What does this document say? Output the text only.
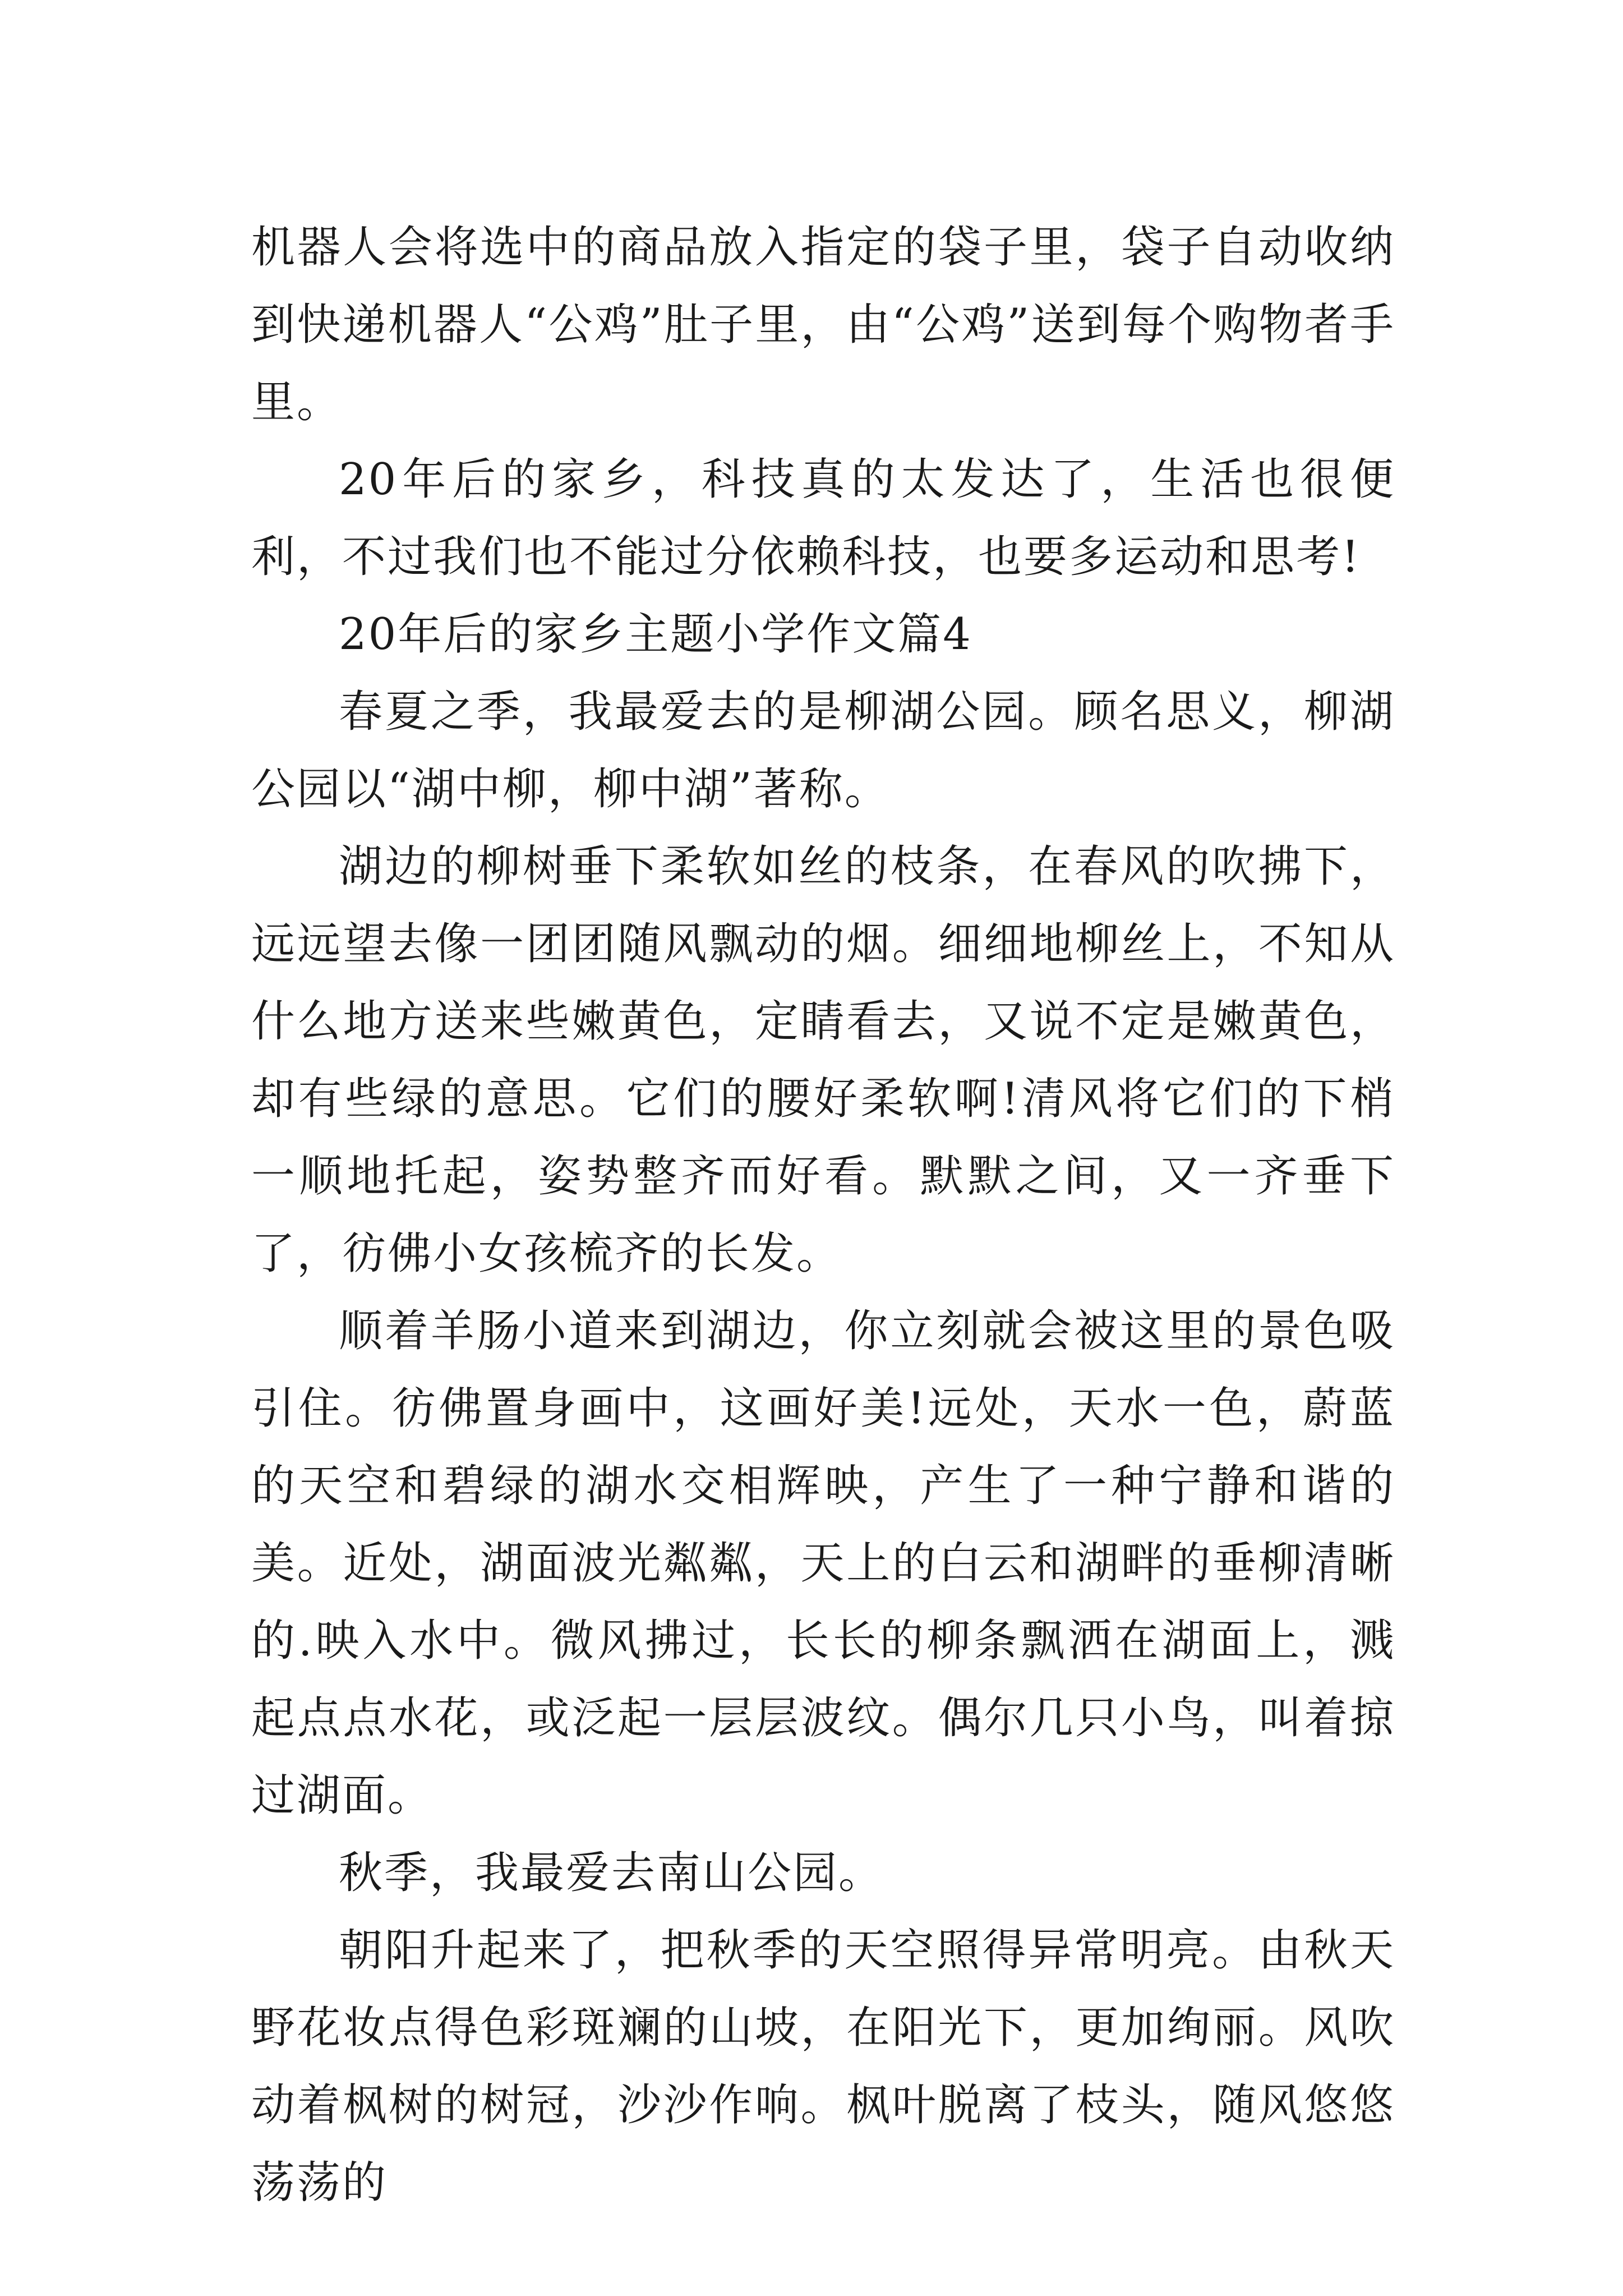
机器人会将选中的商品放入指定的袋子里，袋子自动收纳到快递机器人“公鸡”肚子里，由“公鸡”送到每个购物者手里。

20年后的家乡，科技真的太发达了，生活也很便利，不过我们也不能过分依赖科技，也要多运动和思考!

20年后的家乡主题小学作文篇4

春夏之季，我最爱去的是柳湖公园。顾名思义，柳湖公园以“湖中柳，柳中湖”著称。

湖边的柳树垂下柔软如丝的枝条，在春风的吹拂下，远远望去像一团团随风飘动的烟。细细地柳丝上，不知从什么地方送来些嫩黄色，定睛看去，又说不定是嫩黄色，却有些绿的意思。它们的腰好柔软啊!清风将它们的下梢一顺地托起，姿势整齐而好看。默默之间，又一齐垂下了，彷佛小女孩梳齐的长发。

顺着羊肠小道来到湖边，你立刻就会被这里的景色吸引住。彷佛置身画中，这画好美!远处，天水一色，蔚蓝的天空和碧绿的湖水交相辉映，产生了一种宁静和谐的美。近处，湖面波光粼粼，天上的白云和湖畔的垂柳清晰的.映入水中。微风拂过，长长的柳条飘洒在湖面上，溅起点点水花，或泛起一层层波纹。偶尔几只小鸟，叫着掠过湖面。

秋季，我最爱去南山公园。

朝阳升起来了，把秋季的天空照得异常明亮。由秋天野花妆点得色彩斑斓的山坡，在阳光下，更加绚丽。风吹动着枫树的树冠，沙沙作响。枫叶脱离了枝头，随风悠悠荡荡的
